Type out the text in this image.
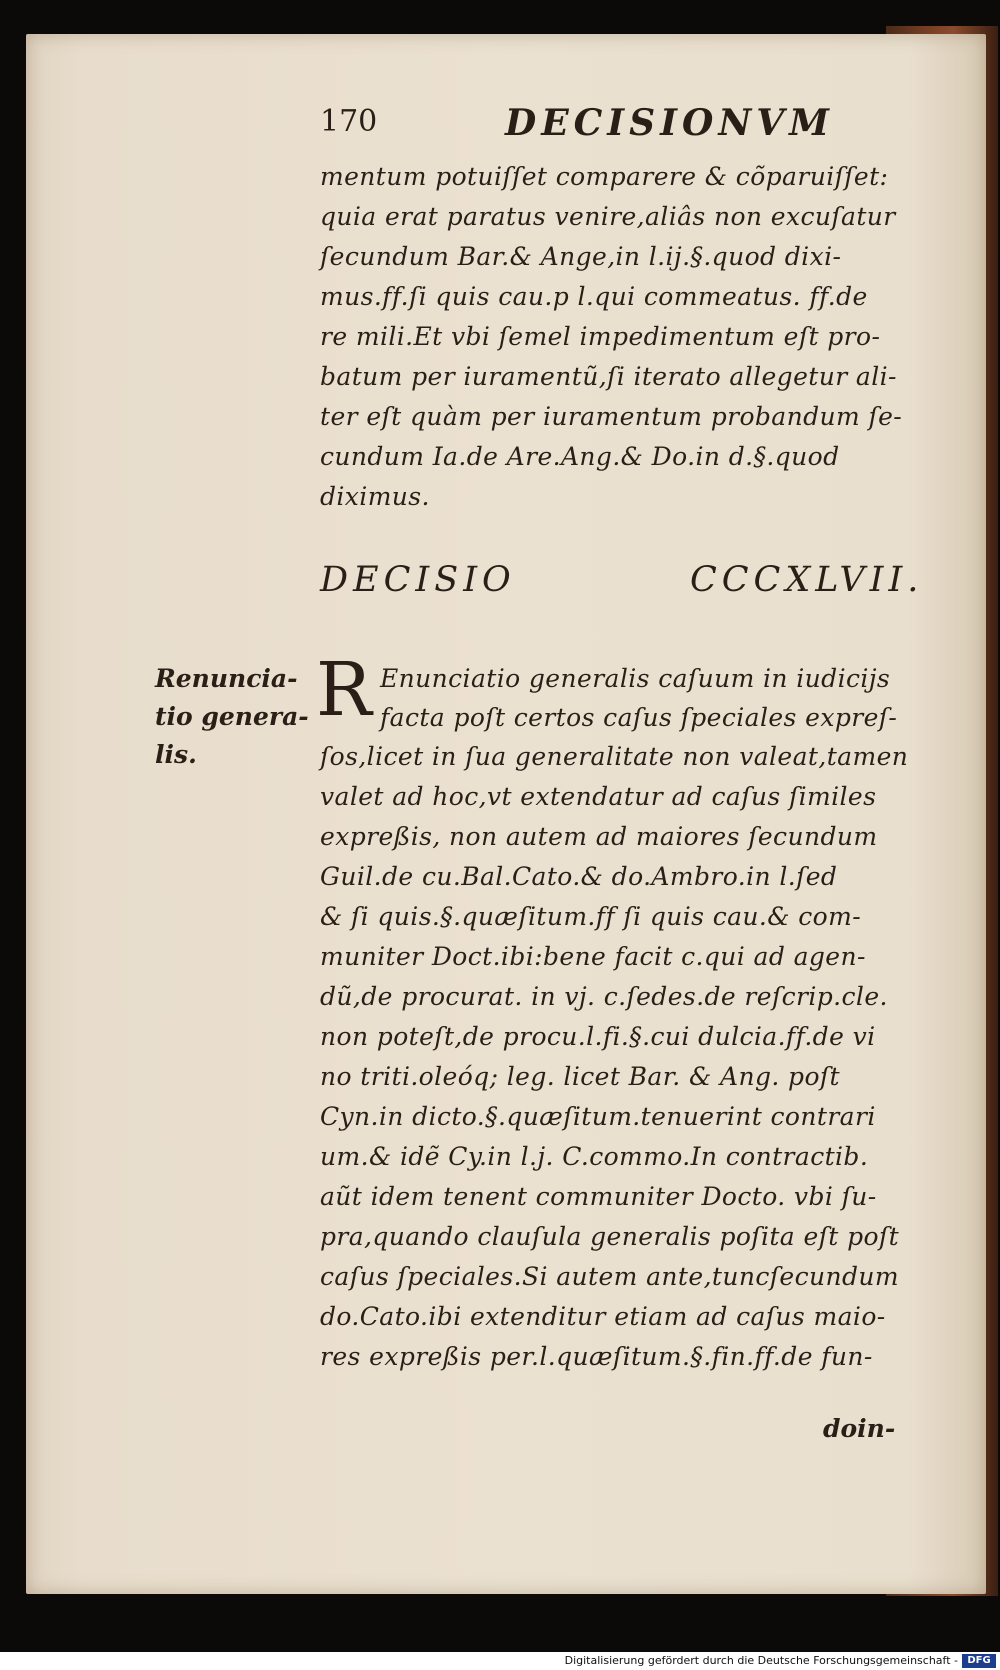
170	DECISIONVM
mentum potuiſſet comparere & cõparuiſſet:
quia erat paratus venire,aliâs non excuſatur
ſecundum Bar.& Ange,in l.ij.§.quod dixi-
mus.ff.ſi quis cau.p l.qui commeatus. ff.de
re mili.Et vbi ſemel impedimentum eſt pro-
batum per iuramentũ,ſi iterato allegetur ali-
ter eſt quàm per iuramentum probandum ſe-
cundum Ia.de Are.Ang.& Do.in d.§.quod
diximus.
DECISIO	CCCXLVII.
Renuncia-
tio genera-
lis.
R Enunciatio generalis caſuum in iudicijs
facta poſt certos caſus ſpeciales expreſ-
ſos,licet in ſua generalitate non valeat,tamen
valet ad hoc,vt extendatur ad caſus ſimiles
expreßis, non autem ad maiores ſecundum
Guil.de cu.Bal.Cato.& do.Ambro.in l.ſed
& ſi quis.§.quæſitum.ff ſi quis cau.& com-
muniter Doct.ibi:bene facit c.qui ad agen-
dũ,de procurat. in vj. c.ſedes.de reſcrip.cle.
non poteſt,de procu.l.fi.§.cui dulcia.ff.de vi
no triti.oleóq; leg. licet Bar. & Ang. poſt
Cyn.in dicto.§.quæſitum.tenuerint contrari
um.& idẽ Cy.in l.j. C.commo.In contractib.
aũt idem tenent communiter Docto. vbi ſu-
pra,quando clauſula generalis poſita eſt poſt
caſus ſpeciales.Si autem ante,tuncſecundum
do.Cato.ibi extenditur etiam ad caſus maio-
res expreßis per.l.quæſitum.§.fin.ff.de fun-
doin-
Digitalisierung gefördert durch die Deutsche Forschungsgemeinschaft - DFG
